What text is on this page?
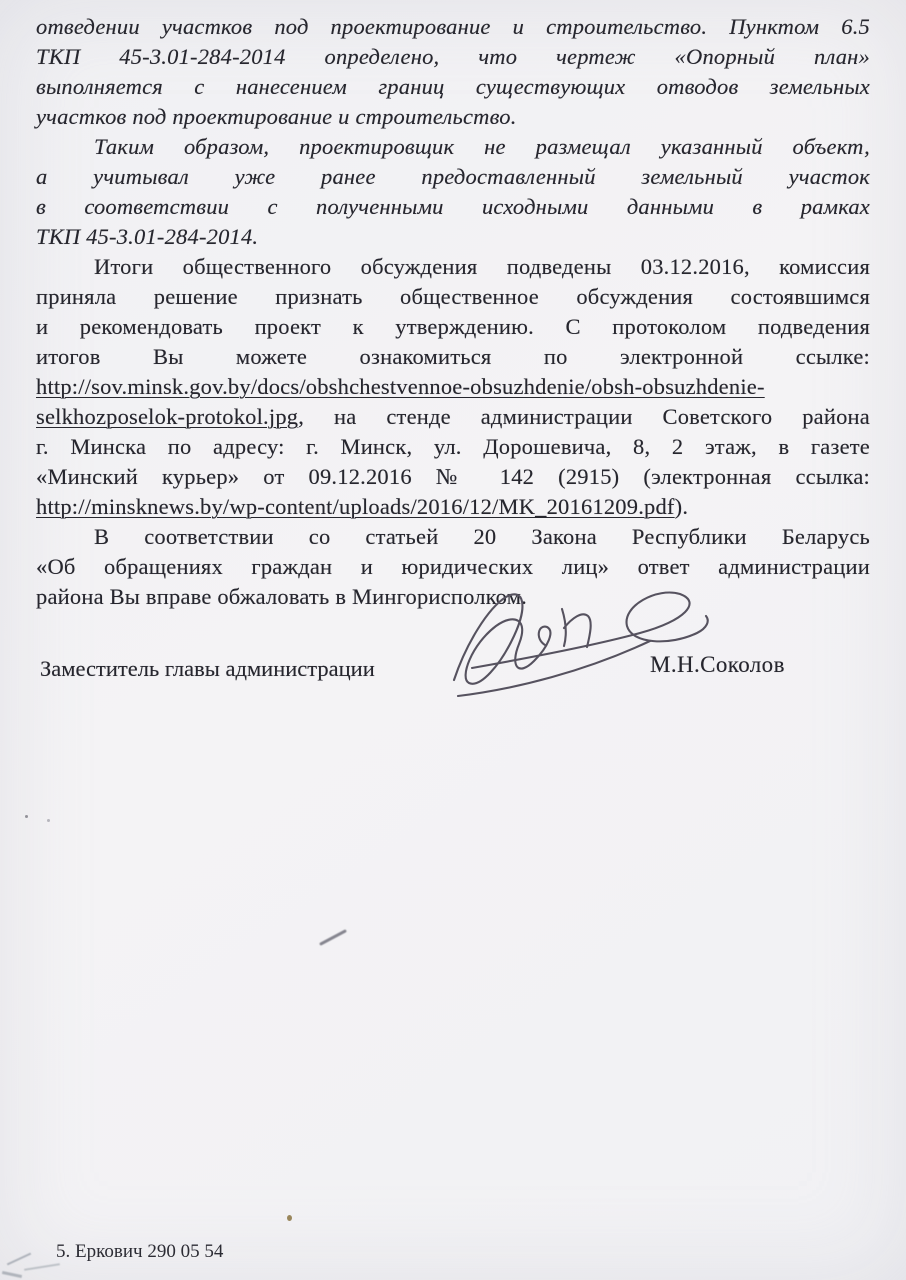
отведении участков под проектирование и строительство. Пунктом 6.5
ТКП 45-3.01-284-2014 определено, что чертеж «Опорный план»
выполняется с нанесением границ существующих отводов земельных
участков под проектирование и строительство.
Таким образом, проектировщик не размещал указанный объект,
а учитывал уже ранее предоставленный земельный участок
в соответствии с полученными исходными данными в рамках
ТКП 45-3.01-284-2014.
Итоги общественного обсуждения подведены 03.12.2016, комиссия
приняла решение признать общественное обсуждения состоявшимся
и рекомендовать проект к утверждению. С протоколом подведения
итогов Вы можете ознакомиться по электронной ссылке:
http://sov.minsk.gov.by/docs/obshchestvennoe-obsuzhdenie/obsh-obsuzhdenie-
selkhozposelok-protokol.jpg, на стенде администрации Советского района
г. Минска по адресу: г. Минск, ул. Дорошевича, 8, 2 этаж, в газете
«Минский курьер» от 09.12.2016 № 142 (2915) (электронная ссылка:
http://minsknews.by/wp-content/uploads/2016/12/MK_20161209.pdf).
В соответствии со статьей 20 Закона Республики Беларусь
«Об обращениях граждан и юридических лиц» ответ администрации
района Вы вправе обжаловать в Мингорисполком.
Заместитель главы администрации	М.Н.Соколов
5. Еркович 290 05 54
